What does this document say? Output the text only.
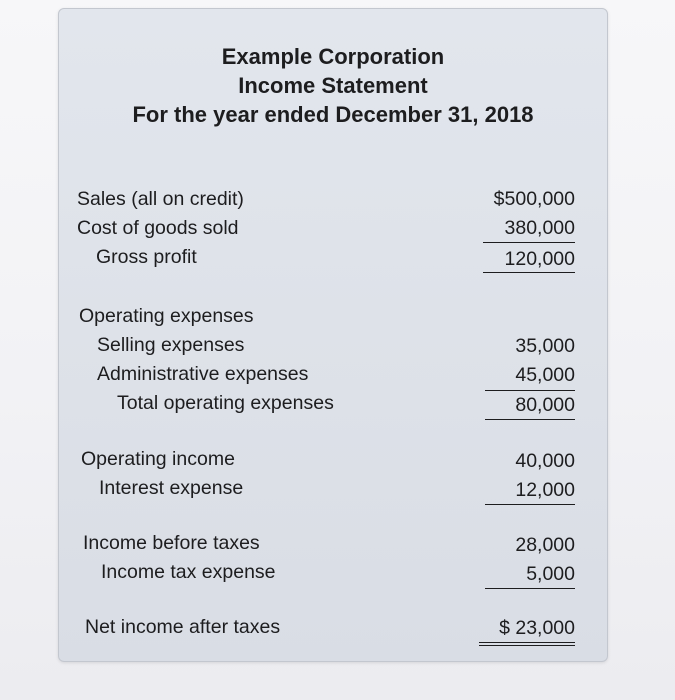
Example Corporation
Income Statement
For the year ended December 31, 2018
Sales (all on credit)	$500,000
Cost of goods sold	380,000
Gross profit	120,000
Operating expenses
Selling expenses	35,000
Administrative expenses	45,000
Total operating expenses	80,000
Operating income	40,000
Interest expense	12,000
Income before taxes	28,000
Income tax expense	5,000
Net income after taxes	$ 23,000
